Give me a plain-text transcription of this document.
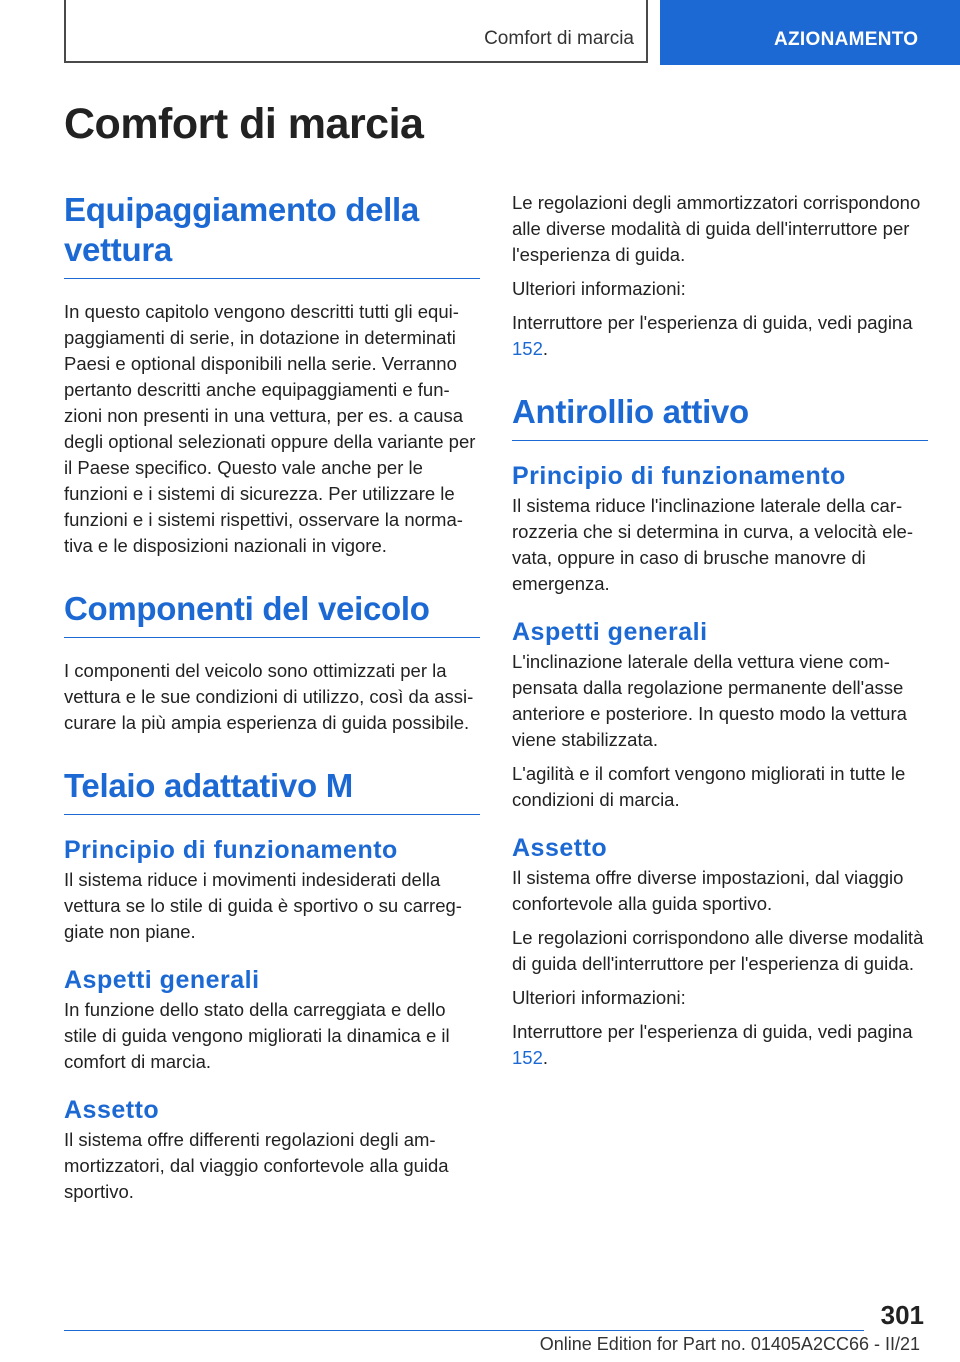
Comfort di marcia	AZIONAMENTO
Comfort di marcia
Equipaggiamento della vettura

In questo capitolo vengono descritti tutti gli equipaggiamenti di serie, in dotazione in determinati Paesi e optional disponibili nella serie. Verranno pertanto descritti anche equipaggiamenti e funzioni non presenti in una vettura, per es. a causa degli optional selezionati oppure della variante per il Paese specifico. Questo vale anche per le funzioni e i sistemi di sicurezza. Per utilizzare le funzioni e i sistemi rispettivi, osservare la normativa e le disposizioni nazionali in vigore.

Componenti del veicolo

I componenti del veicolo sono ottimizzati per la vettura e le sue condizioni di utilizzo, così da assicurare la più ampia esperienza di guida possibile.

Telaio adattativo M
Principio di funzionamento

Il sistema riduce i movimenti indesiderati della vettura se lo stile di guida è sportivo o su carreggiate non piane.

Aspetti generali

In funzione dello stato della carreggiata e dello stile di guida vengono migliorati la dinamica e il comfort di marcia.

Assetto

Il sistema offre differenti regolazioni degli ammortizzatori, dal viaggio confortevole alla guida sportivo.

Le regolazioni degli ammortizzatori corrispondono alle diverse modalità di guida dell'interruttore per l'esperienza di guida.

Ulteriori informazioni:

Interruttore per l'esperienza di guida, vedi pagina 152.

Antirollio attivo
Principio di funzionamento

Il sistema riduce l'inclinazione laterale della carrozzeria che si determina in curva, a velocità elevata, oppure in caso di brusche manovre di emergenza.

Aspetti generali

L'inclinazione laterale della vettura viene compensata dalla regolazione permanente dell'asse anteriore e posteriore. In questo modo la vettura viene stabilizzata.

L'agilità e il comfort vengono migliorati in tutte le condizioni di marcia.

Assetto

Il sistema offre diverse impostazioni, dal viaggio confortevole alla guida sportivo.

Le regolazioni corrispondono alle diverse modalità di guida dell'interruttore per l'esperienza di guida.

Ulteriori informazioni:

Interruttore per l'esperienza di guida, vedi pagina 152.

301
Online Edition for Part no. 01405A2CC66 - II/21
